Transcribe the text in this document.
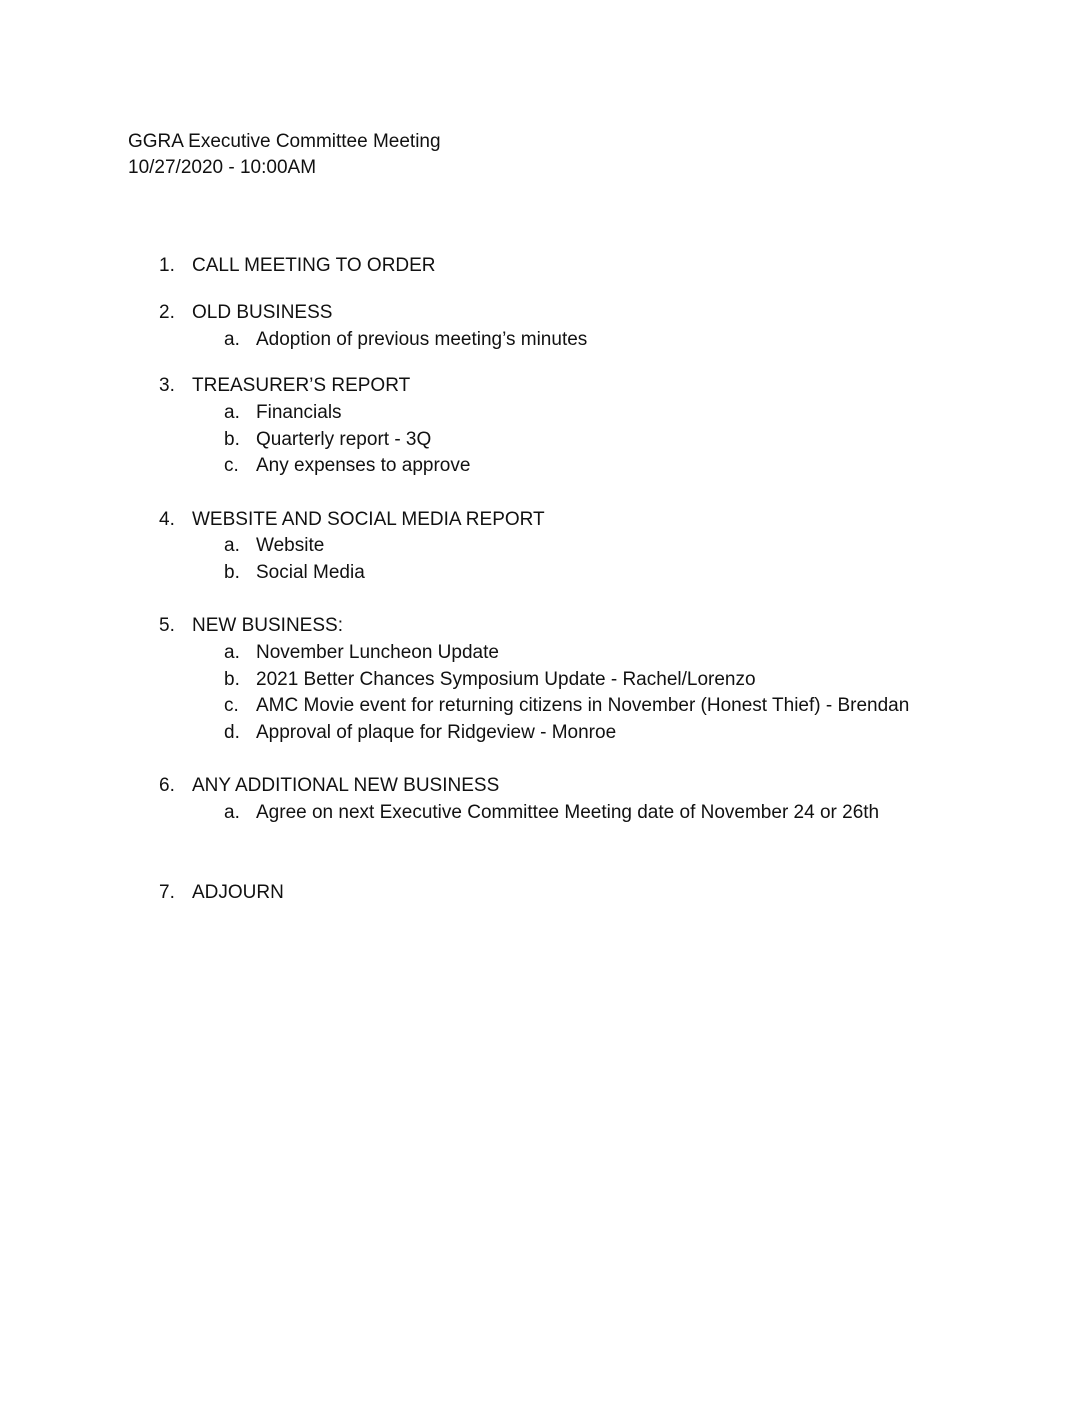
GGRA Executive Committee Meeting
10/27/2020 - 10:00AM
1. CALL MEETING TO ORDER
2. OLD BUSINESS
a. Adoption of previous meeting’s minutes
3. TREASURER’S REPORT
a. Financials
b. Quarterly report - 3Q
c. Any expenses to approve
4. WEBSITE AND SOCIAL MEDIA REPORT
a. Website
b. Social Media
5. NEW BUSINESS:
a. November Luncheon Update
b. 2021 Better Chances Symposium Update - Rachel/Lorenzo
c. AMC Movie event for returning citizens in November (Honest Thief) - Brendan
d. Approval of plaque for Ridgeview - Monroe
6. ANY ADDITIONAL NEW BUSINESS
a. Agree on next Executive Committee Meeting date of November 24 or 26th
7. ADJOURN
